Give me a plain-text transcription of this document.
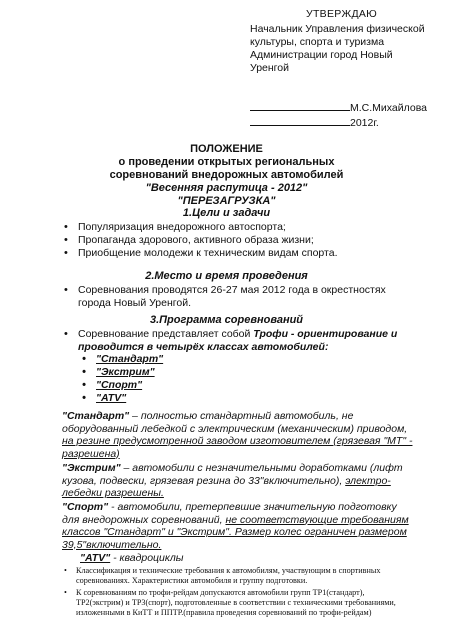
УТВЕРЖДАЮ
Начальник Управления физической
культуры, спорта и туризма
Администрации город Новый
Уренгой
М.С.Михайлова
2012г.
ПОЛОЖЕНИЕ
о проведении открытых региональных
соревнований внедорожных автомобилей
"Весенняя распутица - 2012"
"ПЕРЕЗАГРУЗКА"
1.Цели и задачи
• Популяризация внедорожного автоспорта;
• Пропаганда здорового, активного образа жизни;
• Приобщение молодежи к техническим видам спорта.
2.Место и время проведения
• Соревнования проводятся 26-27 мая 2012 года в окрестностях
города Новый Уренгой.
3.Программа соревнований
• Соревнование представляет собой Трофи - ориентирование и
проводится в четырёх классах автомобилей:
• "Стандарт"
• "Экстрим"
• "Спорт"
• "ATV"
"Стандарт" – полностью стандартный автомобиль, не
оборудованный лебедкой с электрическим (механическим) приводом,
на резине предусмотренной заводом изготовителем (грязевая "МТ" -
разрешена)
"Экстрим" – автомобили с незначительными доработками (лифт
кузова, подвески, грязевая резина до 33"включительно), электро-
лебедки разрешены.
"Спорт" - автомобили, претерпевшие значительную подготовку
для внедорожных соревнований, не соответствующие требованиям
классов "Стандарт" и "Экстрим". Размер колес ограничен размером
39,5"включительно.
"ATV" - квадроциклы
• Классификация и технические требования к автомобилям, участвующим в спортивных
соревнованиях. Характеристики автомобиля и группу подготовки.
• К соревнованиям по трофи-рейдам допускаются автомобили групп ТР1(стандарт),
ТР2(экстрим) и ТР3(спорт), подготовленные в соответствии с техническими требованиями,
изложенными в КиТТ и ППТР.(правила проведения соревнований по трофи-рейдам)
